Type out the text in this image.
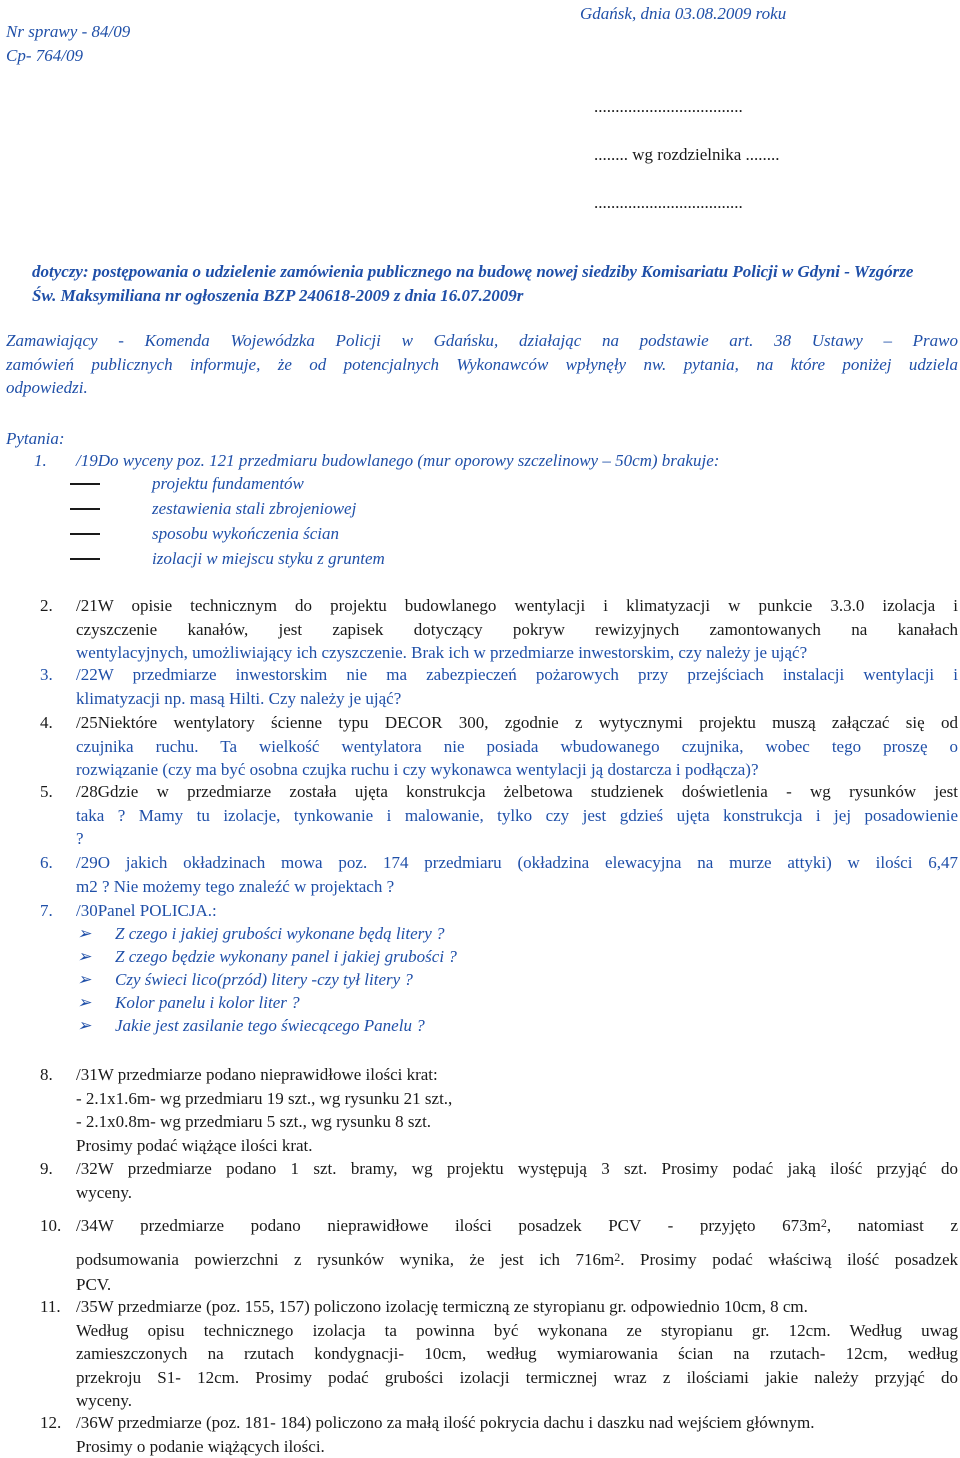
Nr sprawy - 84/09
Cp- 764/09
Gdańsk, dnia 03.08.2009 roku
...................................
........ wg rozdzielnika ........
...................................
dotyczy: postępowania o udzielenie zamówienia publicznego na budowę nowej siedziby Komisariatu Policji w Gdyni - Wzgórze Św. Maksymiliana nr ogłoszenia BZP 240618-2009 z dnia 16.07.2009r
Zamawiający - Komenda Wojewódzka Policji w Gdańsku, działając na podstawie art. 38 Ustawy – Prawo
zamówień publicznych informuje, że od potencjalnych Wykonawców wpłynęły nw. pytania, na które poniżej udziela
odpowiedzi.
Pytania:
1.	/19Do wyceny poz. 121 przedmiaru budowlanego (mur oporowy szczelinowy – 50cm) brakuje:
projektu fundamentów
zestawienia stali zbrojeniowej
sposobu wykończenia ścian
izolacji w miejscu styku z gruntem
2. /21W opisie technicznym do projektu budowlanego wentylacji i klimatyzacji w punkcie 3.3.0 izolacja i
czyszczenie kanałów, jest zapisek dotyczący pokryw rewizyjnych zamontowanych na kanałach
wentylacyjnych, umożliwiający ich czyszczenie. Brak ich w przedmiarze inwestorskim, czy należy je ująć?
3. /22W przedmiarze inwestorskim nie ma zabezpieczeń pożarowych przy przejściach instalacji wentylacji i
klimatyzacji np. masą Hilti. Czy należy je ująć?
4. /25Niektóre wentylatory ścienne typu DECOR 300, zgodnie z wytycznymi projektu muszą załączać się od
czujnika ruchu. Ta wielkość wentylatora nie posiada wbudowanego czujnika, wobec tego proszę o
rozwiązanie (czy ma być osobna czujka ruchu i czy wykonawca wentylacji ją dostarcza i podłącza)?
5. /28Gdzie w przedmiarze została ujęta konstrukcja żelbetowa studzienek doświetlenia - wg rysunków jest
taka ? Mamy tu izolacje, tynkowanie i malowanie, tylko czy jest gdzieś ujęta konstrukcja i jej posadowienie
?
6. /29O jakich okładzinach mowa poz. 174 przedmiaru (okładzina elewacyjna na murze attyki) w ilości 6,47
m2 ? Nie możemy tego znaleźć w projektach ?
7. /30Panel POLICJA.:
➢	Z czego i jakiej grubości wykonane będą litery ?
➢	Z czego będzie wykonany panel i jakiej grubości ?
➢	Czy świeci lico(przód) litery -czy tył litery ?
➢	Kolor panelu i kolor liter ?
➢	Jakie jest zasilanie tego świecącego Panelu ?
8. /31W przedmiarze podano nieprawidłowe ilości krat:
- 2.1x1.6m- wg przedmiaru 19 szt., wg rysunku 21 szt.,
- 2.1x0.8m- wg przedmiaru 5 szt., wg rysunku 8 szt.
Prosimy podać wiążące ilości krat.
9. /32W przedmiarze podano 1 szt. bramy, wg projektu występują 3 szt. Prosimy podać jaką ilość przyjąć do
wyceny.
10. /34W przedmiarze podano nieprawidłowe ilości posadzek PCV - przyjęto $673m^2$, natomiast z
podsumowania powierzchni z rysunków wynika, że jest ich $716m^2$. Prosimy podać właściwą ilość posadzek
PCV.
11. /35W przedmiarze (poz. 155, 157) policzono izolację termiczną ze styropianu gr. odpowiednio 10cm, 8 cm.
Według opisu technicznego izolacja ta powinna być wykonana ze styropianu gr. 12cm. Według uwag
zamieszczonych na rzutach kondygnacji- 10cm, według wymiarowania ścian na rzutach- 12cm, według
przekroju S1- 12cm. Prosimy podać grubości izolacji termicznej wraz z ilościami jakie należy przyjąć do
wyceny.
12. /36W przedmiarze (poz. 181- 184) policzono za małą ilość pokrycia dachu i daszku nad wejściem głównym.
Prosimy o podanie wiążących ilości.
